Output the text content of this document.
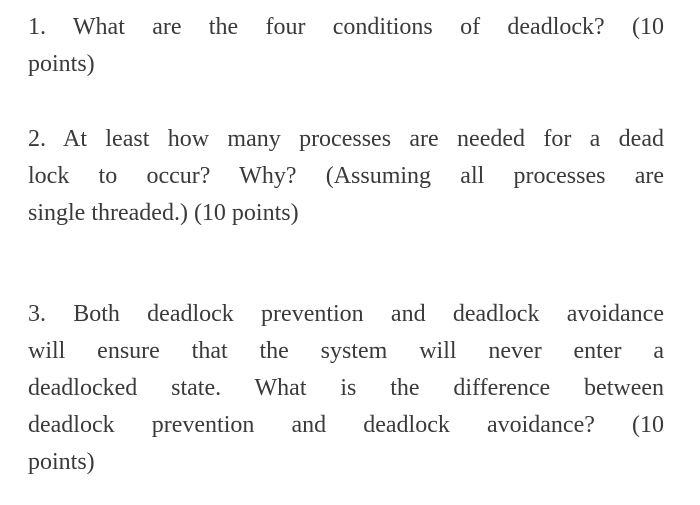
1. What are the four conditions of deadlock? (10
points)
2. At least how many processes are needed for a dead
lock to occur? Why? (Assuming all processes are
single threaded.) (10 points)
3. Both deadlock prevention and deadlock avoidance
will ensure that the system will never enter a
deadlocked state. What is the difference between
deadlock prevention and deadlock avoidance? (10
points)
